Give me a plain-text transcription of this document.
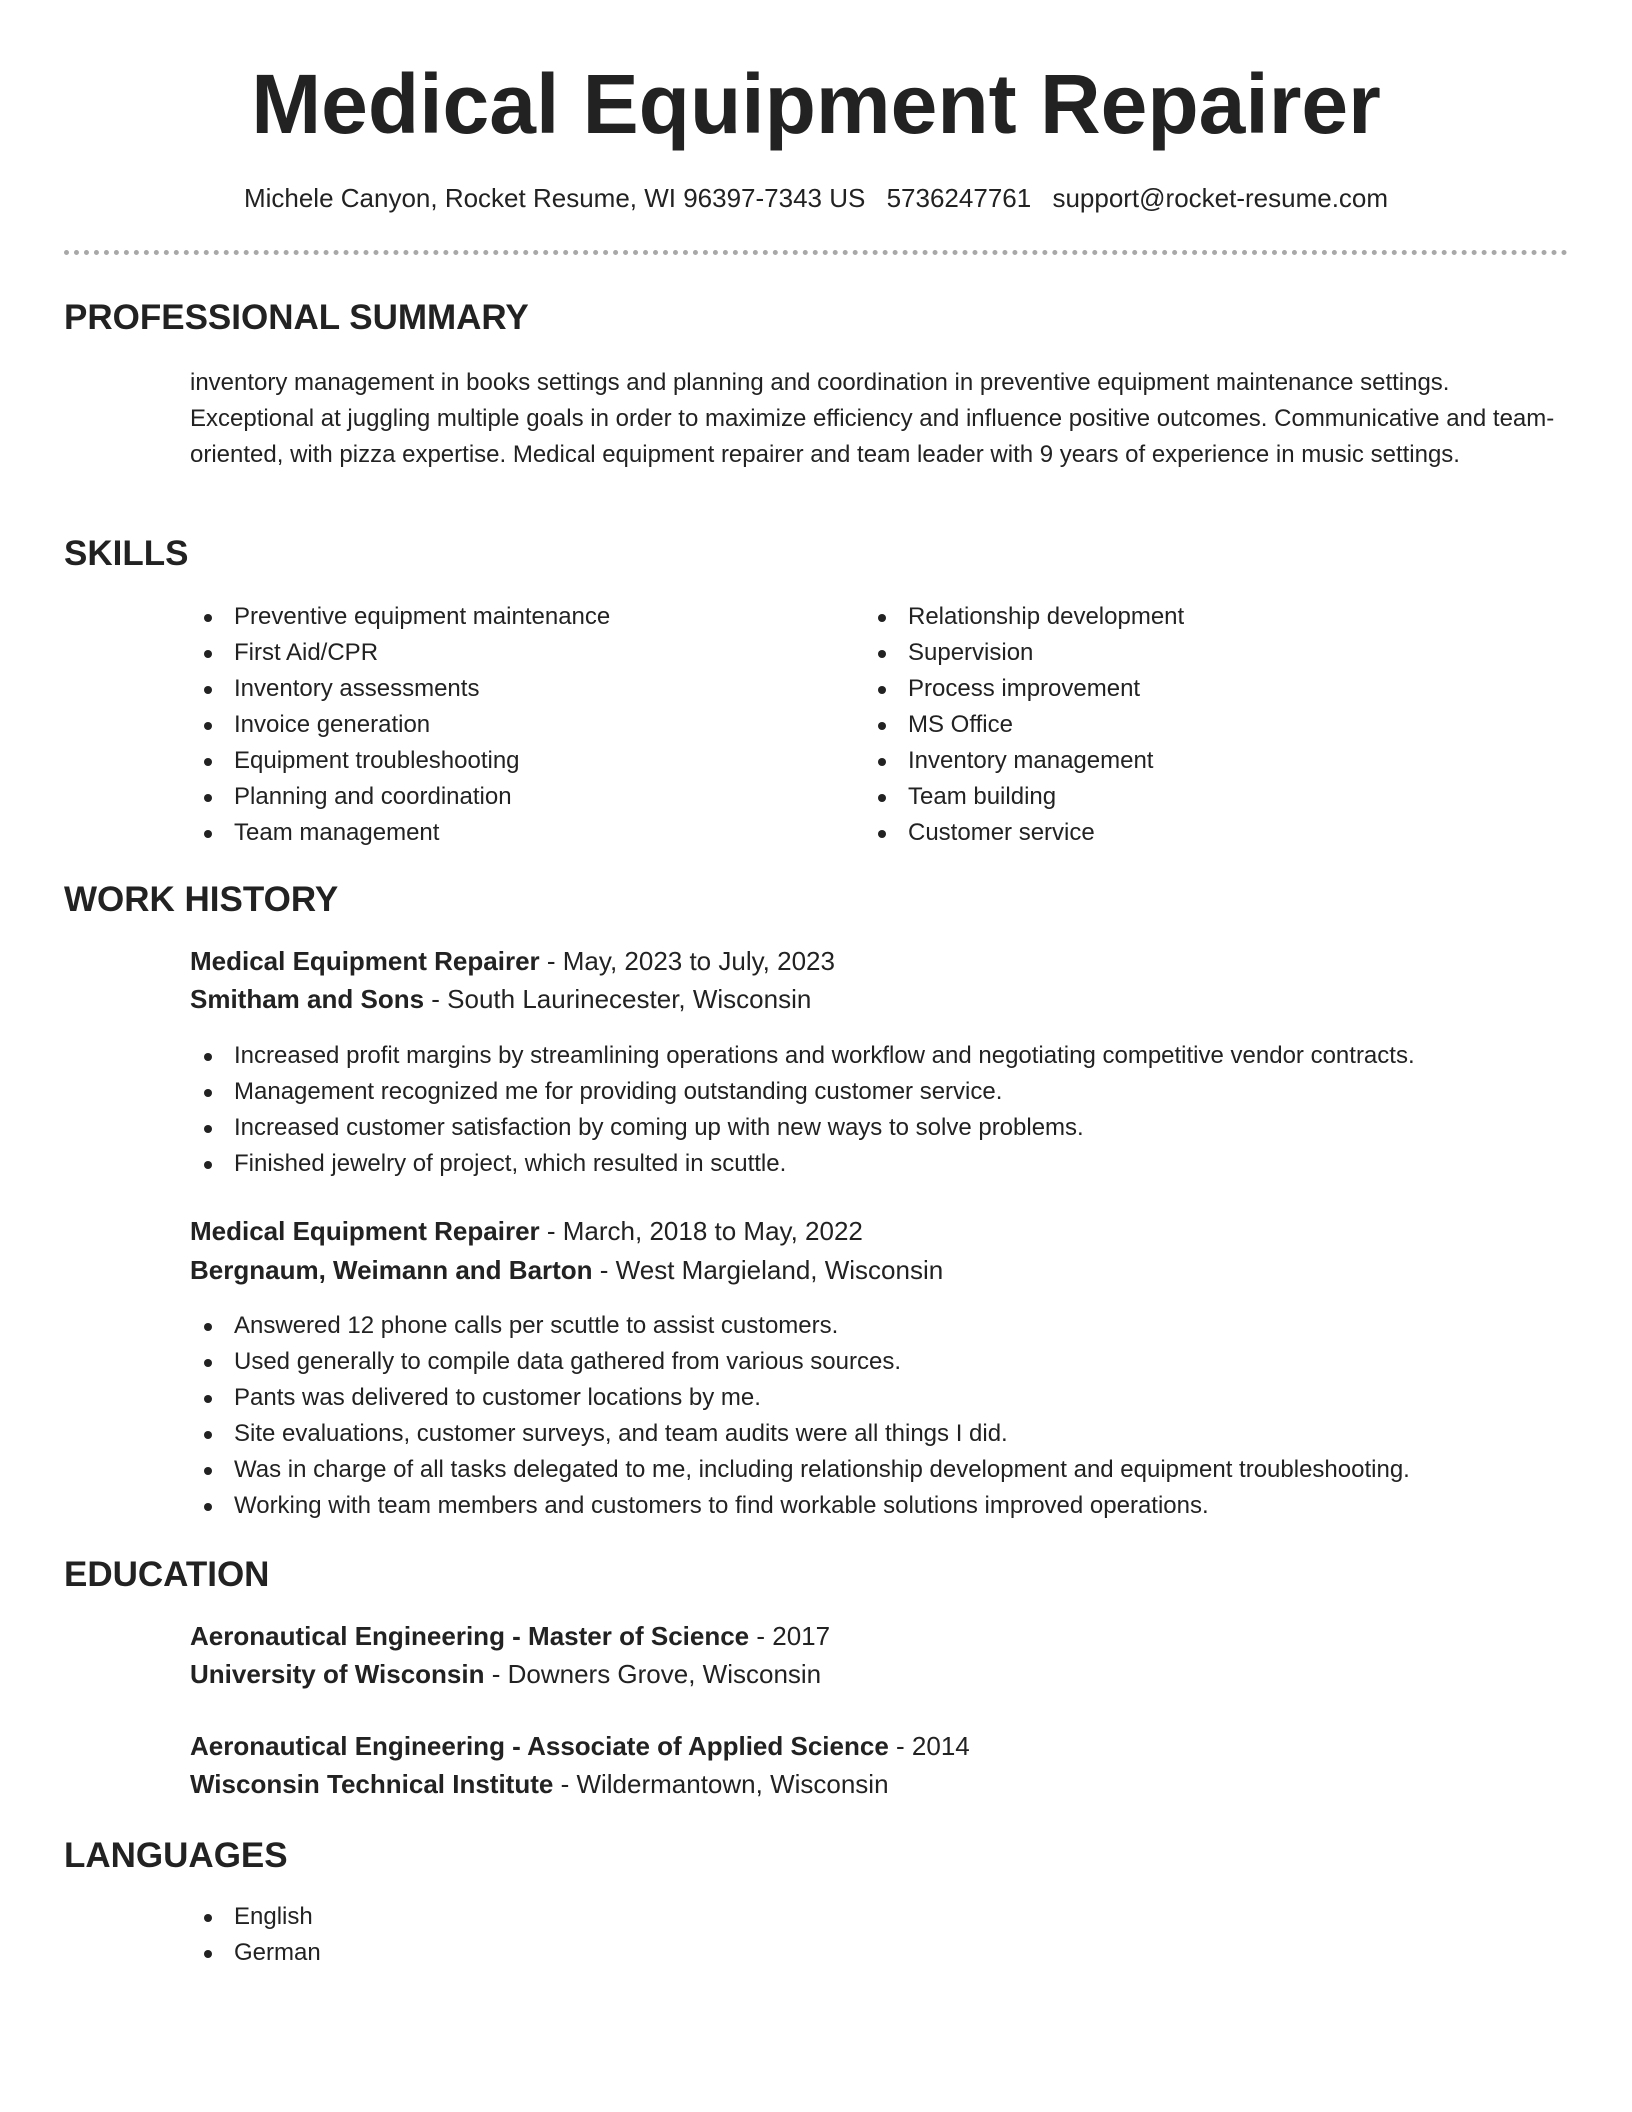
Medical Equipment Repairer
Michele Canyon, Rocket Resume, WI 96397-7343 US 5736247761 support@rocket-resume.com
PROFESSIONAL SUMMARY

inventory management in books settings and planning and coordination in preventive equipment maintenance settings. Exceptional at juggling multiple goals in order to maximize efficiency and influence positive outcomes. Communicative and team-oriented, with pizza expertise. Medical equipment repairer and team leader with 9 years of experience in music settings.

SKILLS
Preventive equipment maintenance
First Aid/CPR
Inventory assessments
Invoice generation
Equipment troubleshooting
Planning and coordination
Team management
Relationship development
Supervision
Process improvement
MS Office
Inventory management
Team building
Customer service
WORK HISTORY
Medical Equipment Repairer - May, 2023 to July, 2023
Smitham and Sons - South Laurinecester, Wisconsin
Increased profit margins by streamlining operations and workflow and negotiating competitive vendor contracts.
Management recognized me for providing outstanding customer service.
Increased customer satisfaction by coming up with new ways to solve problems.
Finished jewelry of project, which resulted in scuttle.
Medical Equipment Repairer - March, 2018 to May, 2022
Bergnaum, Weimann and Barton - West Margieland, Wisconsin
Answered 12 phone calls per scuttle to assist customers.
Used generally to compile data gathered from various sources.
Pants was delivered to customer locations by me.
Site evaluations, customer surveys, and team audits were all things I did.
Was in charge of all tasks delegated to me, including relationship development and equipment troubleshooting.
Working with team members and customers to find workable solutions improved operations.
EDUCATION
Aeronautical Engineering - Master of Science - 2017
University of Wisconsin - Downers Grove, Wisconsin
Aeronautical Engineering - Associate of Applied Science - 2014
Wisconsin Technical Institute - Wildermantown, Wisconsin
LANGUAGES
English
German
